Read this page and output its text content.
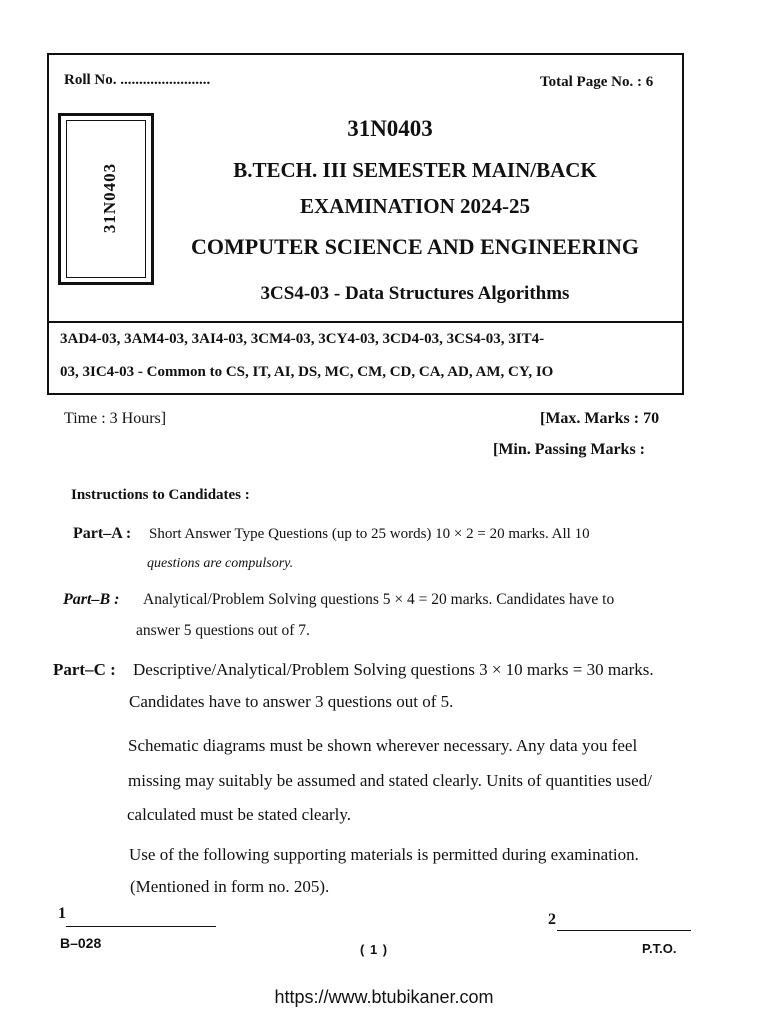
31N0403
Roll No. ........................	Total Page No. : 6
31N0403
B.TECH. III SEMESTER MAIN/BACK
EXAMINATION 2024-25
COMPUTER SCIENCE AND ENGINEERING
3CS4-03 - Data Structures Algorithms
3AD4-03, 3AM4-03, 3AI4-03, 3CM4-03, 3CY4-03, 3CD4-03, 3CS4-03, 3IT4-
03, 3IC4-03 - Common to CS, IT, AI, DS, MC, CM, CD, CA, AD, AM, CY, IO
Time : 3 Hours]	[Max. Marks : 70
[Min. Passing Marks :
Instructions to Candidates :
Part–A : Short Answer Type Questions (up to 25 words) 10 × 2 = 20 marks. All 10
questions are compulsory.
Part–B : Analytical/Problem Solving questions 5 × 4 = 20 marks. Candidates have to
answer 5 questions out of 7.
Part–C : Descriptive/Analytical/Problem Solving questions 3 × 10 marks = 30 marks.
Candidates have to answer 3 questions out of 5.
Schematic diagrams must be shown wherever necessary. Any data you feel
missing may suitably be assumed and stated clearly. Units of quantities used/
calculated must be stated clearly.
Use of the following supporting materials is permitted during examination.
(Mentioned in form no. 205).
1	2
B–028	( 1 )	P.T.O.
https://www.btubikaner.com
